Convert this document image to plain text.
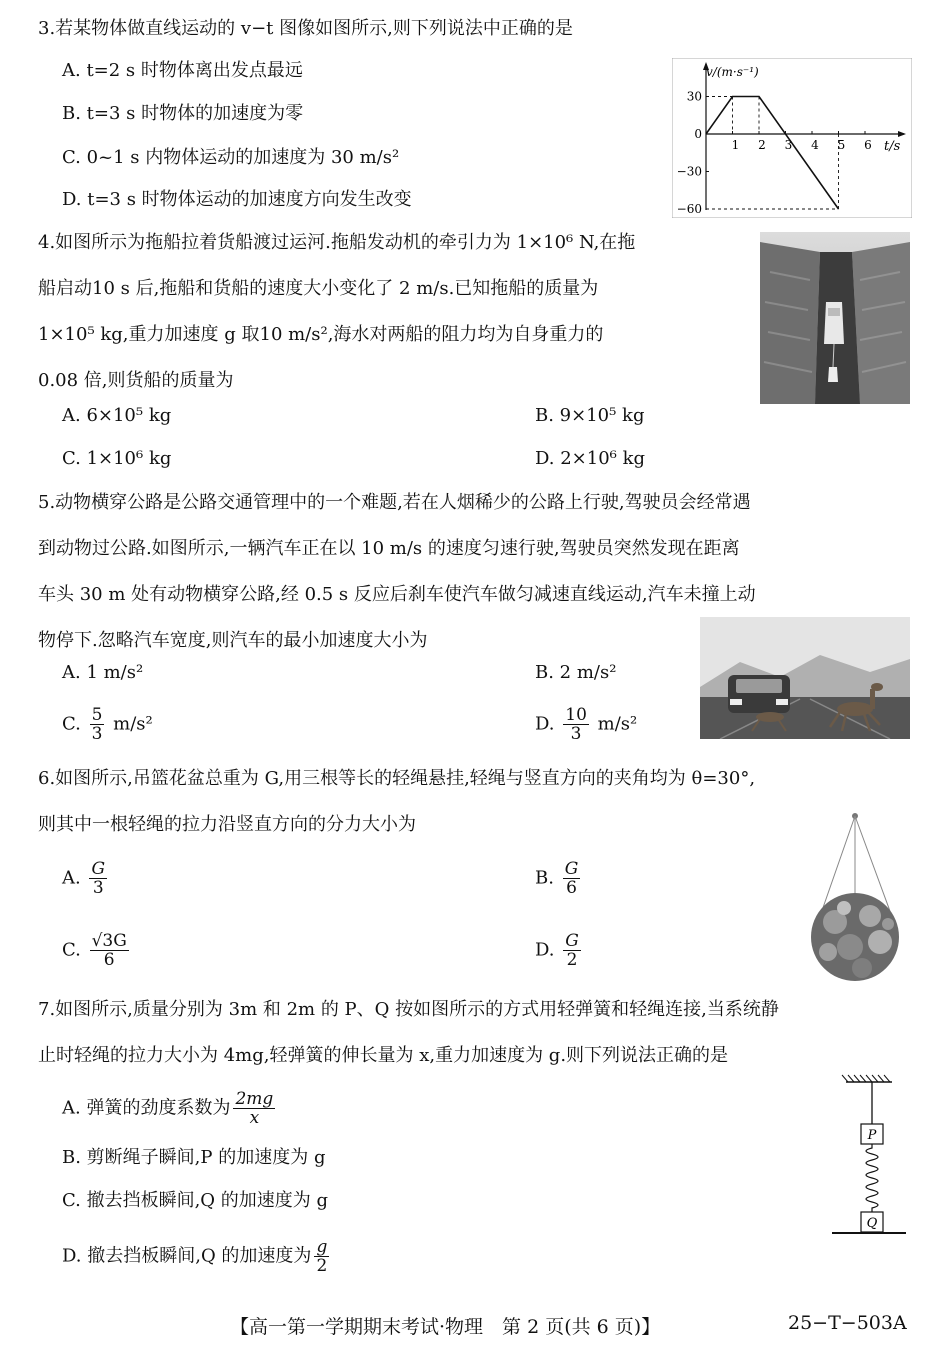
3.若某物体做直线运动的 v−t 图像如图所示,则下列说法中正确的是
A. t=2 s 时物体离出发点最远
B. t=3 s 时物体的加速度为零
C. 0~1 s 内物体运动的加速度为 30 m/s²
D. t=3 s 时物体运动的加速度方向发生改变
1 2 3 4 5 6
30
0
−30
−60
v/(m·s⁻¹)
t/s
4.如图所示为拖船拉着货船渡过运河.拖船发动机的牵引力为 1×10⁶ N,在拖
船启动10 s 后,拖船和货船的速度大小变化了 2 m/s.已知拖船的质量为
1×10⁵ kg,重力加速度 g 取10 m/s²,海水对两船的阻力均为自身重力的
0.08 倍,则货船的质量为
A. 6×10⁵ kg	B. 9×10⁵ kg
C. 1×10⁶ kg	D. 2×10⁶ kg
5.动物横穿公路是公路交通管理中的一个难题,若在人烟稀少的公路上行驶,驾驶员会经常遇
到动物过公路.如图所示,一辆汽车正在以 10 m/s 的速度匀速行驶,驾驶员突然发现在距离
车头 30 m 处有动物横穿公路,经 0.5 s 反应后刹车使汽车做匀减速直线运动,汽车未撞上动
物停下.忽略汽车宽度,则汽车的最小加速度大小为
A. 1 m/s²	B. 2 m/s²
C. $\frac{5}{3} m/s^2$	D. $\frac{10}{3} m/s^2$
6.如图所示,吊篮花盆总重为 G,用三根等长的轻绳悬挂,轻绳与竖直方向的夹角均为 θ=30°,
则其中一根轻绳的拉力沿竖直方向的分力大小为
A. $\frac{G}{3}$	B. $\frac{G}{6}$
C. $\frac{√3G}{6}$	D. $\frac{G}{2}$
7.如图所示,质量分别为 3m 和 2m 的 P、Q 按如图所示的方式用轻弹簧和轻绳连接,当系统静
止时轻绳的拉力大小为 4mg,轻弹簧的伸长量为 x,重力加速度为 g.则下列说法正确的是
A. 弹簧的劲度系数为 $\frac{2mg}{x}$
B. 剪断绳子瞬间,P 的加速度为 g
C. 撤去挡板瞬间,Q 的加速度为 g
D. 撤去挡板瞬间,Q 的加速度为 $\frac{g}{2}$
P
Q
【高一第一学期期末考试·物理　第 2 页(共 6 页)】	25−T−503A
